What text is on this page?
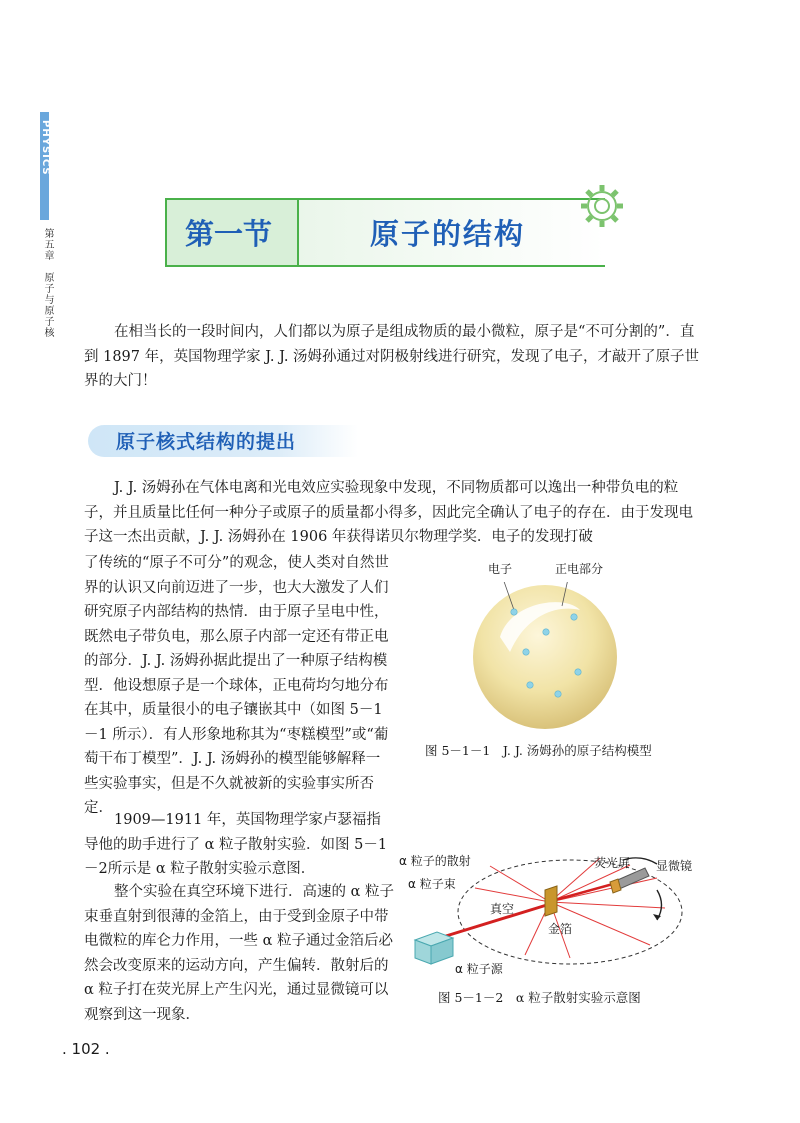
PHYSICS
第五章　原子与原子核	第一节	原子的结构
在相当长的一段时间内，人们都以为原子是组成物质的最小微粒，原子是“不可分割的”．直到 1897 年，英国物理学家 J. J. 汤姆孙通过对阴极射线进行研究，发现了电子，才敲开了原子世界的大门！
原子核式结构的提出
J. J. 汤姆孙在气体电离和光电效应实验现象中发现，不同物质都可以逸出一种带负电的粒子，并且质量比任何一种分子或原子的质量都小得多，因此完全确认了电子的存在．由于发现电子这一杰出贡献，J. J. 汤姆孙在 1906 年获得诺贝尔物理学奖．电子的发现打破
了传统的“原子不可分”的观念，使人类对自然世界的认识又向前迈进了一步，也大大激发了人们研究原子内部结构的热情．由于原子呈电中性，既然电子带负电，那么原子内部一定还有带正电的部分．J. J. 汤姆孙据此提出了一种原子结构模型．他设想原子是一个球体，正电荷均匀地分布在其中，质量很小的电子镶嵌其中（如图 5－1－1 所示）．有人形象地称其为“枣糕模型”或“葡萄干布丁模型”．J. J. 汤姆孙的模型能够解释一些实验事实，但是不久就被新的实验事实所否定．
1909—1911 年，英国物理学家卢瑟福指导他的助手进行了 α 粒子散射实验．如图 5－1－2所示是 α 粒子散射实验示意图．
整个实验在真空环境下进行．高速的 α 粒子束垂直射到很薄的金箔上，由于受到金原子中带电微粒的库仑力作用，一些 α 粒子通过金箔后必然会改变原来的运动方向，产生偏转．散射后的 α 粒子打在荧光屏上产生闪光，通过显微镜可以观察到这一现象．
电子	正电部分
图 5－1－1　J. J. 汤姆孙的原子结构模型
α 粒子的散射
α 粒子束
真空
金箔
荧光屏 显微镜
α 粒子源
图 5－1－2　α 粒子散射实验示意图
. 102 .
